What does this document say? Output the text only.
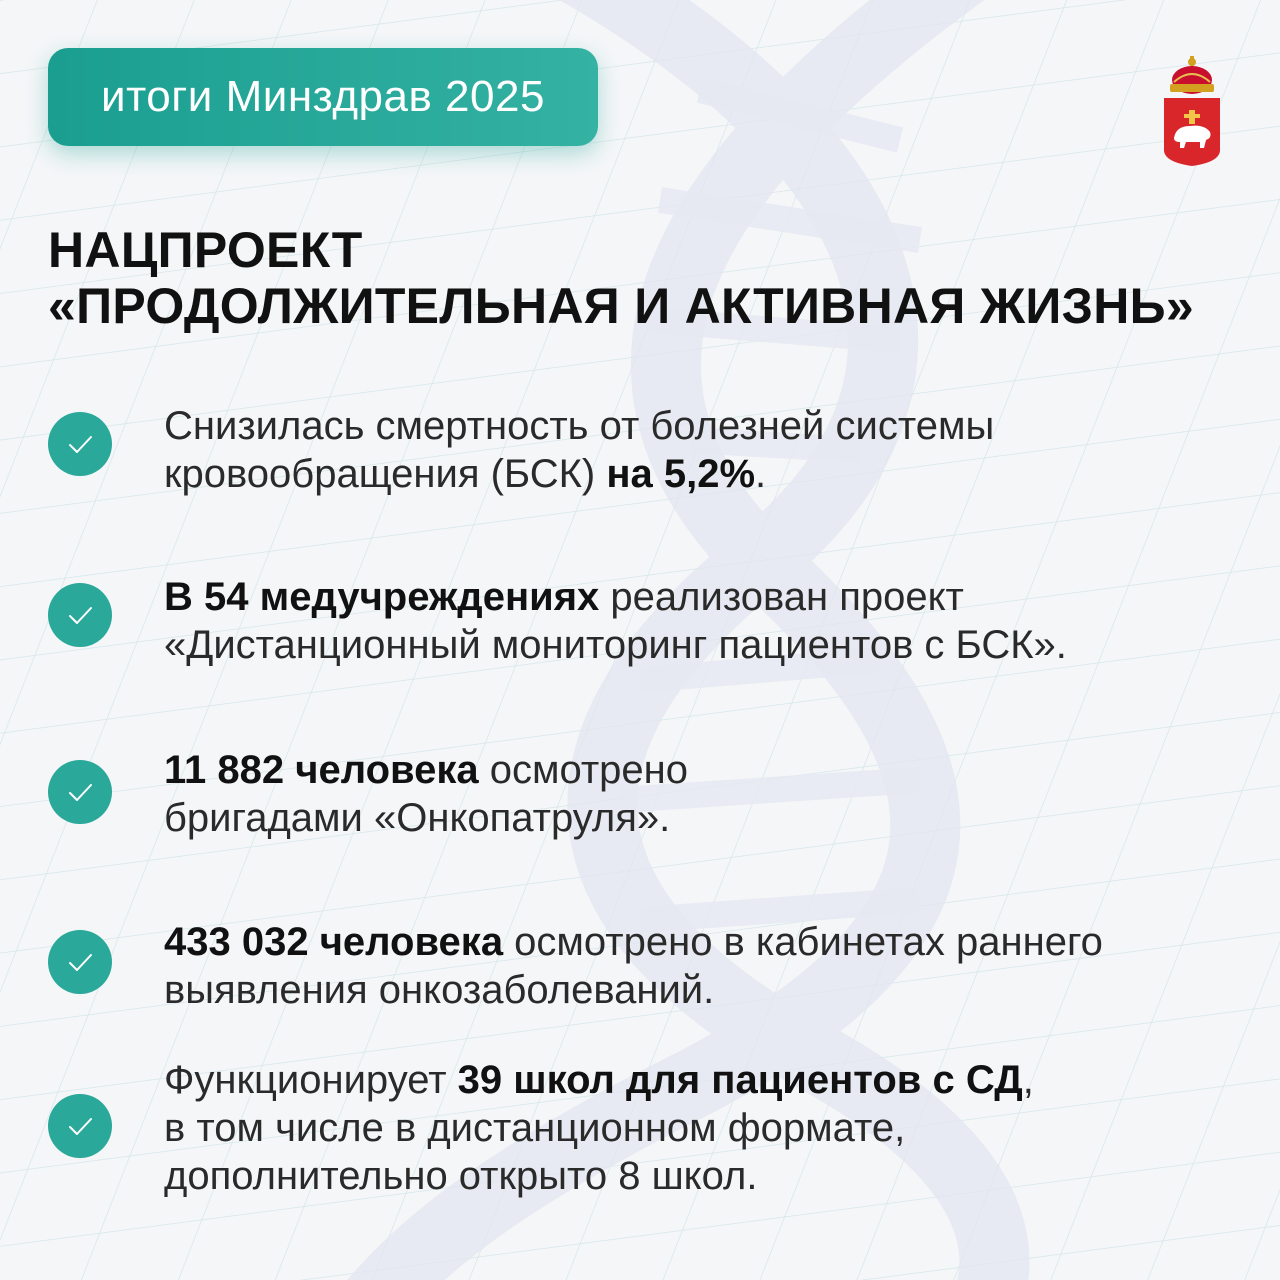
итоги Минздрав 2025
НАЦПРОЕКТ
«ПРОДОЛЖИТЕЛЬНАЯ И АКТИВНАЯ ЖИЗНЬ»
Снизилась смертность от болезней системы
кровообращения (БСК) на 5,2%.
В 54 медучреждениях реализован проект
«Дистанционный мониторинг пациентов с БСК».
11 882 человека осмотрено
бригадами «Онкопатруля».
433 032 человека осмотрено в кабинетах раннего
выявления онкозаболеваний.
Функционирует 39 школ для пациентов с СД,
в том числе в дистанционном формате,
дополнительно открыто 8 школ.
